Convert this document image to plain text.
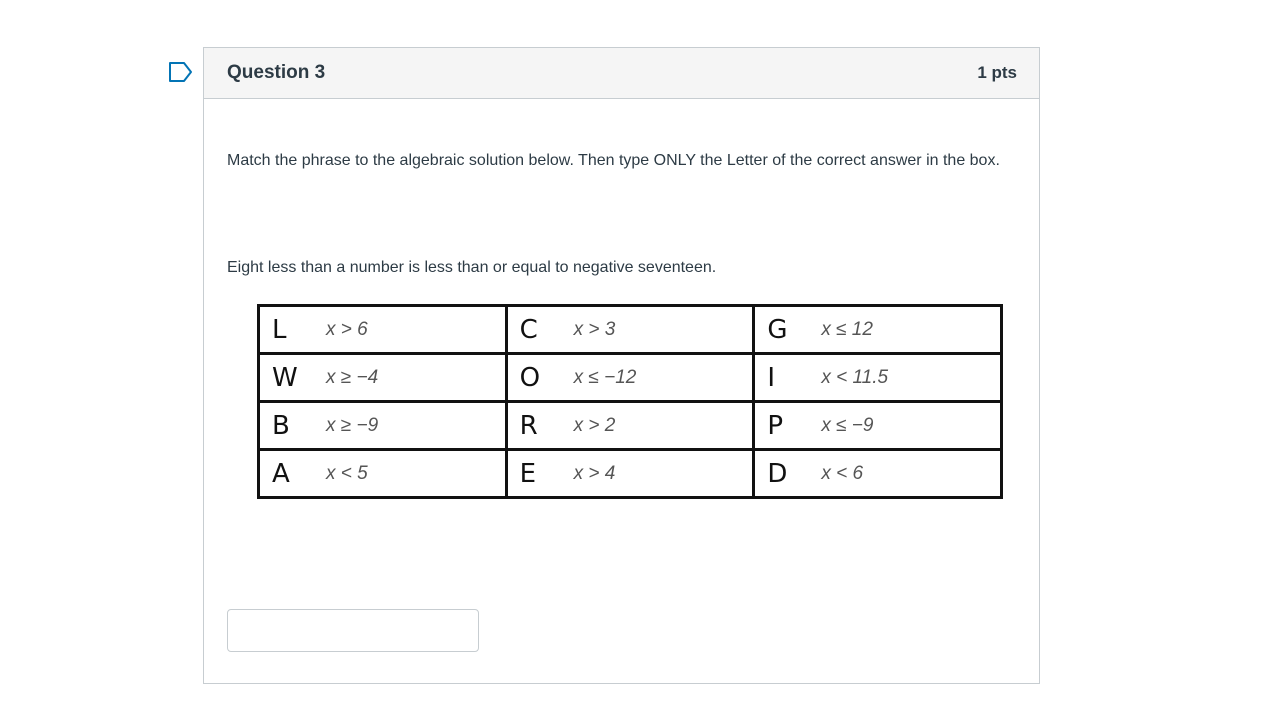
Question 3	1 pts

Match the phrase to the algebraic solution below. Then type ONLY the Letter of the correct answer in the box.

Eight less than a number is less than or equal to negative seventeen.

L x > 6	C x > 3	G x ≤ 12

W x ≥ −4	O x ≤ −12	I x < 11.5

B x ≥ −9	R x > 2	P x ≤ −9

A x < 5	E x > 4	D x < 6
